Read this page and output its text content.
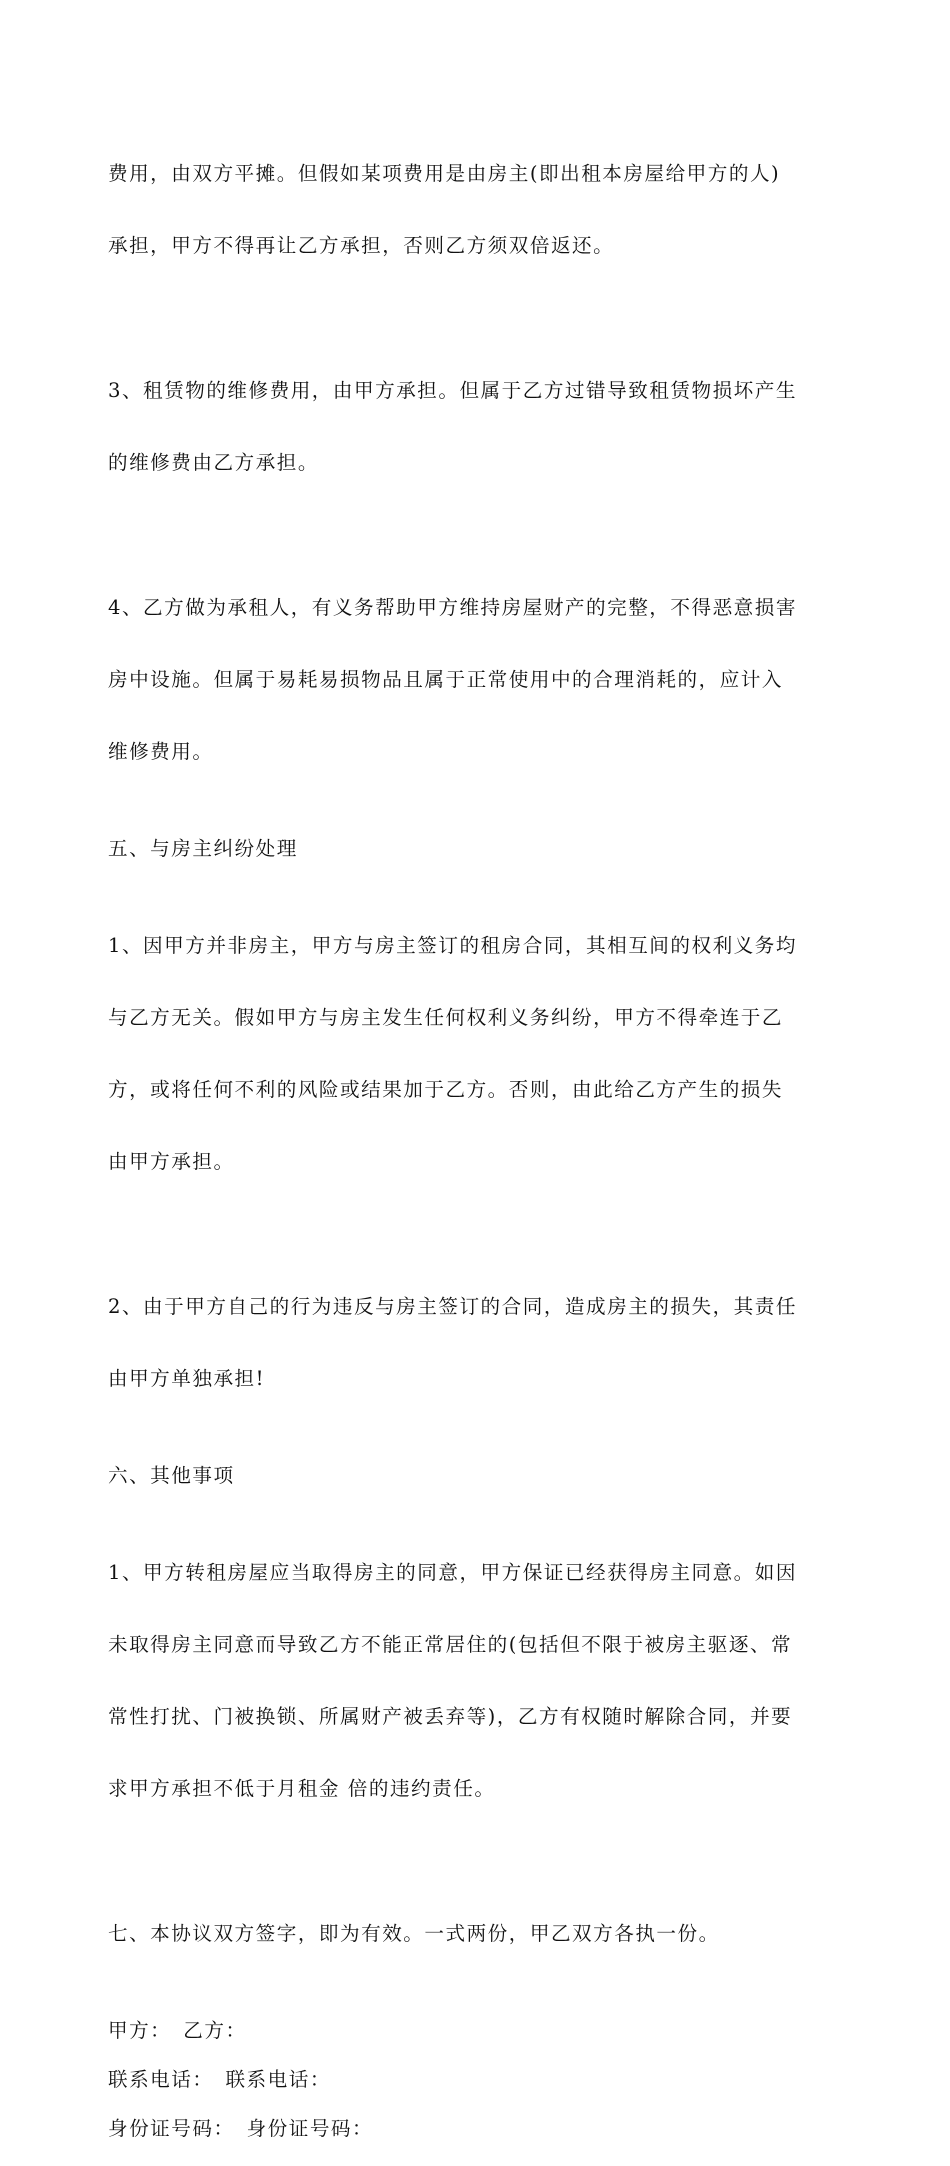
费用，由双方平摊。但假如某项费用是由房主(即出租本房屋给甲方的人)

承担，甲方不得再让乙方承担，否则乙方须双倍返还。

3、租赁物的维修费用，由甲方承担。但属于乙方过错导致租赁物损坏产生

的维修费由乙方承担。

4、乙方做为承租人，有义务帮助甲方维持房屋财产的完整，不得恶意损害

房中设施。但属于易耗易损物品且属于正常使用中的合理消耗的，应计入

维修费用。

五、与房主纠纷处理

1、因甲方并非房主，甲方与房主签订的租房合同，其相互间的权利义务均

与乙方无关。假如甲方与房主发生任何权利义务纠纷，甲方不得牵连于乙

方，或将任何不利的风险或结果加于乙方。否则，由此给乙方产生的损失

由甲方承担。

2、由于甲方自己的行为违反与房主签订的合同，造成房主的损失，其责任

由甲方单独承担!

六、其他事项

1、甲方转租房屋应当取得房主的同意，甲方保证已经获得房主同意。如因

未取得房主同意而导致乙方不能正常居住的(包括但不限于被房主驱逐、常

常性打扰、门被换锁、所属财产被丢弃等)，乙方有权随时解除合同，并要

求甲方承担不低于月租金 倍的违约责任。

七、本协议双方签字，即为有效。一式两份，甲乙双方各执一份。

甲方： 乙方：
联系电话： 联系电话：
身份证号码： 身份证号码：
